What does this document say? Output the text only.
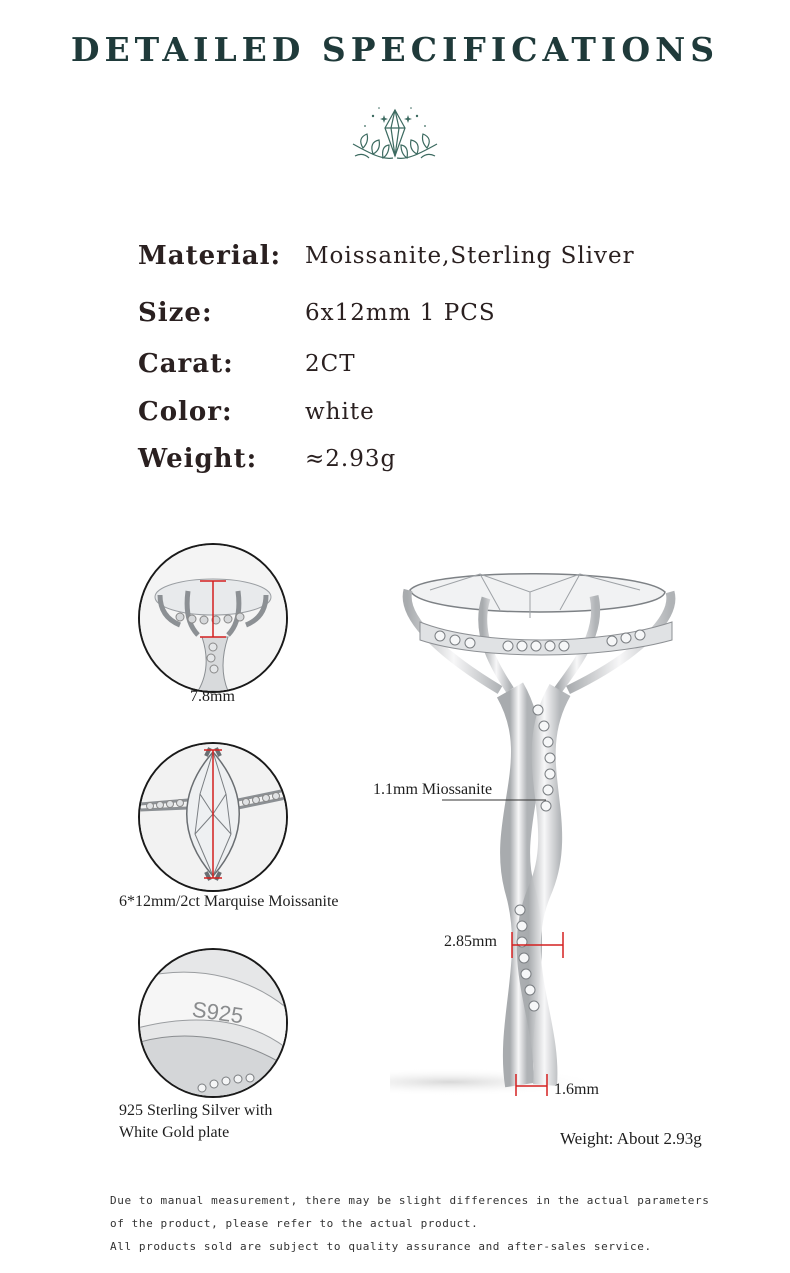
DETAILED SPECIFICATIONS
Material: Moissanite,Sterling Sliver
Size:	6x12mm 1 PCS
Carat:	2CT
Color:	white
Weight: ≈2.93g
7.8mm
6*12mm/2ct Marquise Moissanite
S925
925 Sterling Silver with
White Gold plate
1.1mm Miossanite
2.85mm
1.6mm
Weight: About 2.93g
Due to manual measurement, there may be slight differences in the actual parameters
of the product, please refer to the actual product.
All products sold are subject to quality assurance and after-sales service.
